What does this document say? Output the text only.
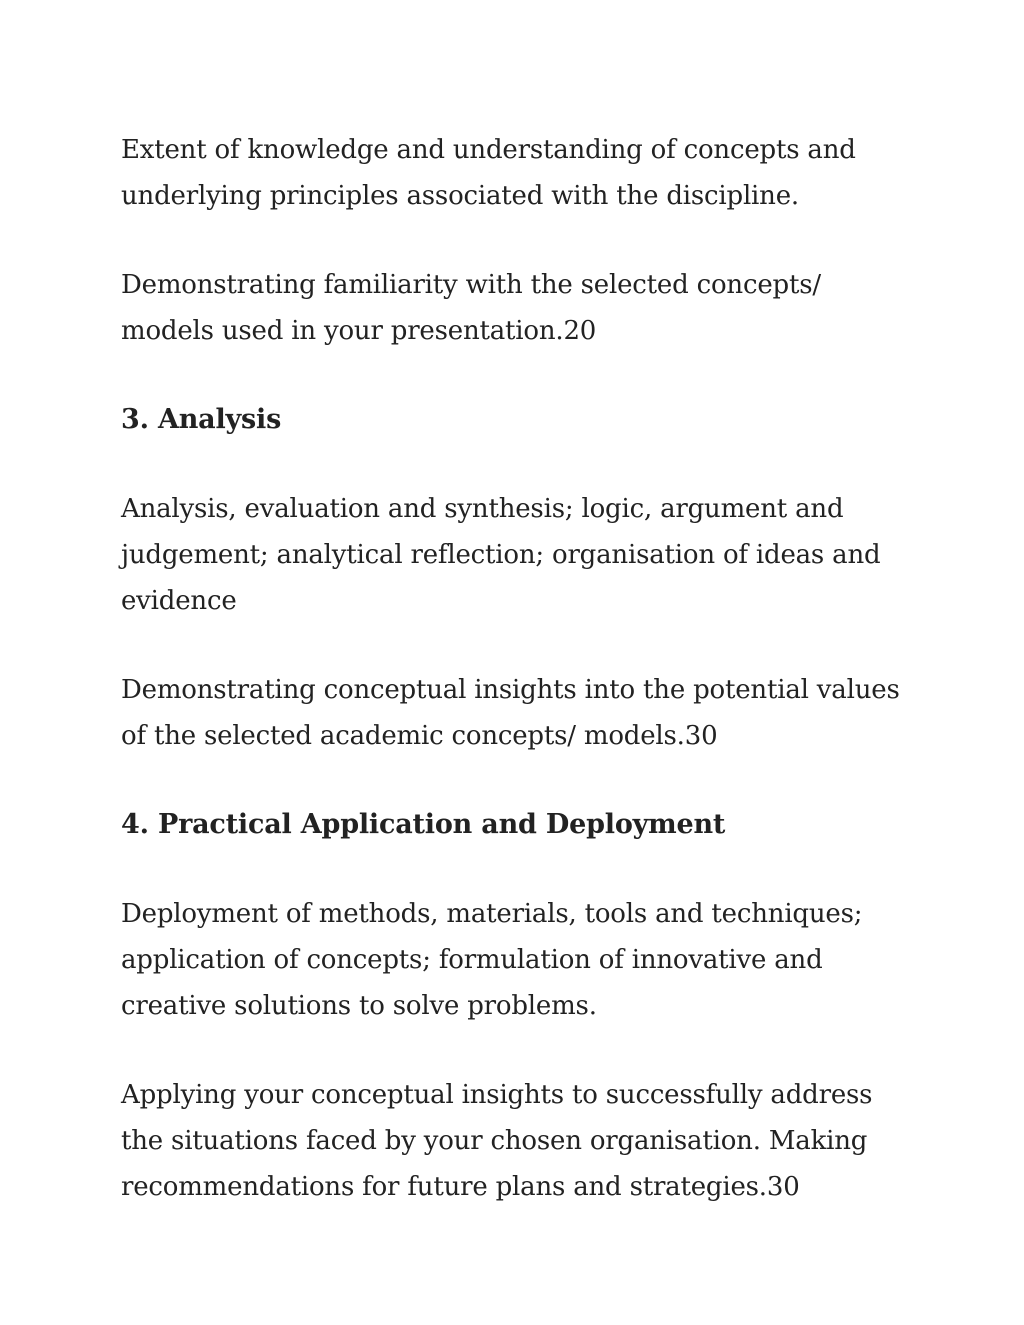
Extent of knowledge and understanding of concepts and underlying principles associated with the discipline.

Demonstrating familiarity with the selected concepts/ models used in your presentation.20

3. Analysis

Analysis, evaluation and synthesis; logic, argument and judgement; analytical reflection; organisation of ideas and evidence

Demonstrating conceptual insights into the potential values of the selected academic concepts/ models.30

4. Practical Application and Deployment

Deployment of methods, materials, tools and techniques; application of concepts; formulation of innovative and creative solutions to solve problems.

Applying your conceptual insights to successfully address the situations faced by your chosen organisation. Making recommendations for future plans and strategies.30
